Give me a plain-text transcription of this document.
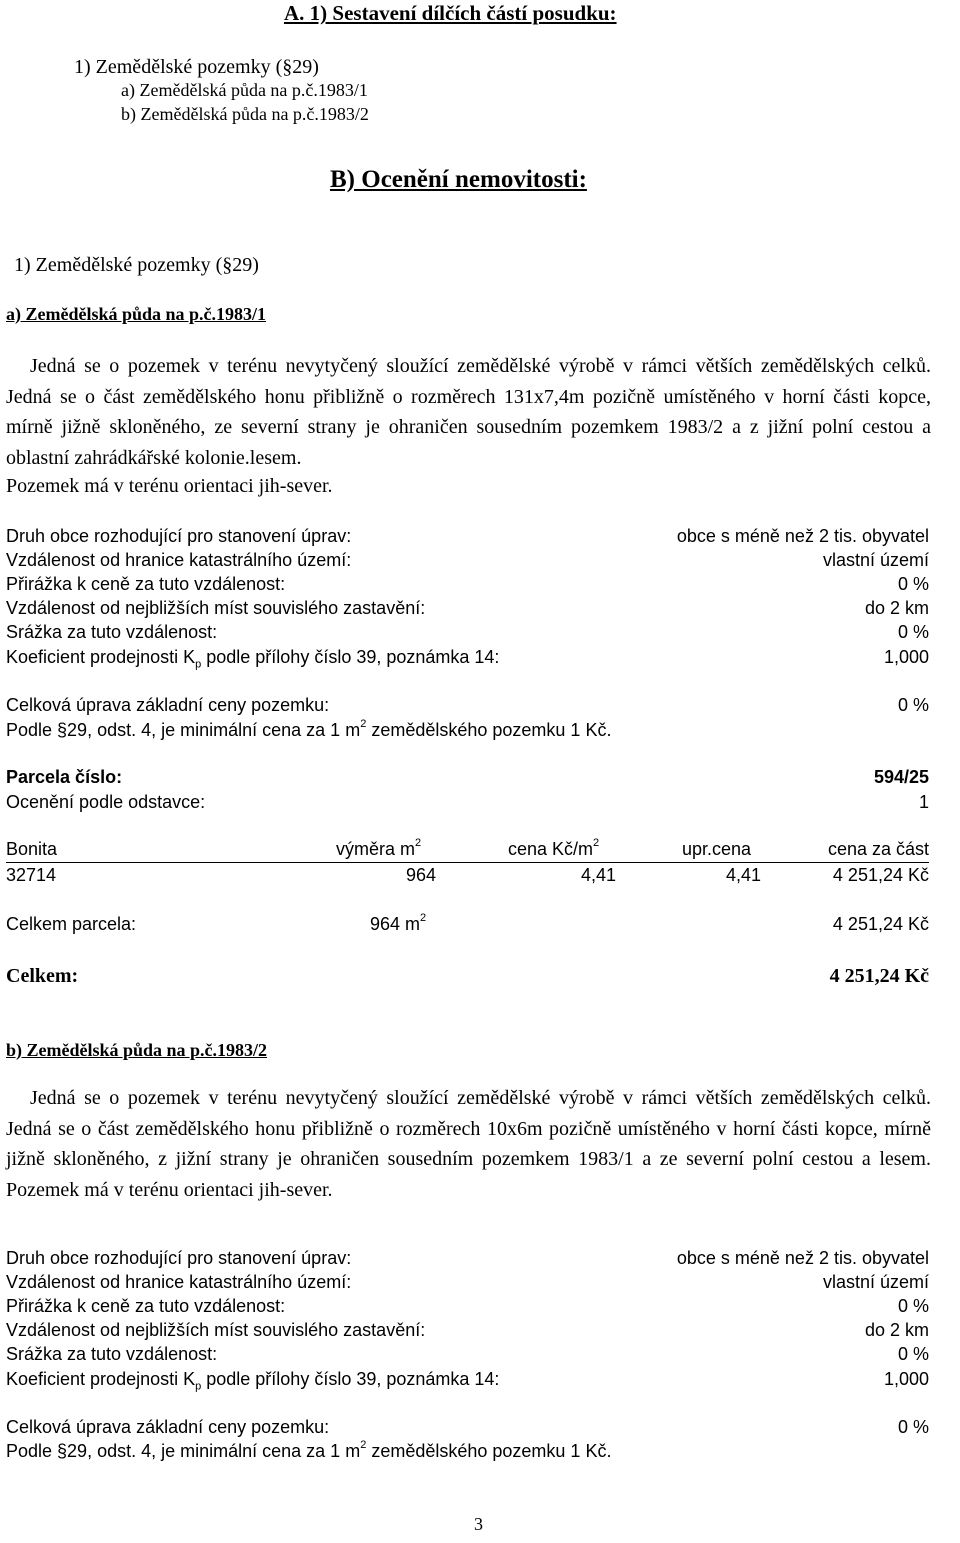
A. 1) Sestavení dílčích částí posudku:
1) Zemědělské pozemky (§29)
a) Zemědělská půda na p.č.1983/1
b) Zemědělská půda na p.č.1983/2
B) Ocenění nemovitosti:
1) Zemědělské pozemky (§29)
a) Zemědělská půda na p.č.1983/1
Jedná se o pozemek v terénu nevytyčený sloužící zemědělské výrobě v rámci větších zemědělských celků. Jedná se o část zemědělského honu přibližně o rozměrech 131x7,4m pozičně umístěného v horní části kopce, mírně jižně skloněného, ze severní strany je ohraničen sousedním pozemkem 1983/2 a z jižní polní cestou a oblastní zahrádkářské kolonie.lesem.
Pozemek má v terénu orientaci jih-sever.
Druh obce rozhodující pro stanovení úprav:	obce s méně než 2 tis. obyvatel
Vzdálenost od hranice katastrálního území:	vlastní území
Přirážka k ceně za tuto vzdálenost:	0 %
Vzdálenost od nejbližších míst souvislého zastavění:	do 2 km
Srážka za tuto vzdálenost:	0 %
Koeficient prodejnosti $K_p$ podle přílohy číslo 39, poznámka 14:	1,000
Celková úprava základní ceny pozemku:	0 %
Podle §29, odst. 4, je minimální cena za 1 $m^2$ zemědělského pozemku 1 Kč.
Parcela číslo:	594/25
Ocenění podle odstavce:	1
Bonita	výměra $m^2$	cena $Kč/m^2$	upr.cena	cena za část
32714	964	4,41	4,41	4 251,24 Kč
Celkem parcela:	964 $m^2$	4 251,24 Kč
Celkem:	4 251,24 Kč
b) Zemědělská půda na p.č.1983/2
Jedná se o pozemek v terénu nevytyčený sloužící zemědělské výrobě v rámci větších zemědělských celků. Jedná se o část zemědělského honu přibližně o rozměrech 10x6m pozičně umístěného v horní části kopce, mírně jižně skloněného, z jižní strany je ohraničen sousedním pozemkem 1983/1 a ze severní polní cestou a lesem. Pozemek má v terénu orientaci jih-sever.
Druh obce rozhodující pro stanovení úprav:	obce s méně než 2 tis. obyvatel
Vzdálenost od hranice katastrálního území:	vlastní území
Přirážka k ceně za tuto vzdálenost:	0 %
Vzdálenost od nejbližších míst souvislého zastavění:	do 2 km
Srážka za tuto vzdálenost:	0 %
Koeficient prodejnosti $K_p$ podle přílohy číslo 39, poznámka 14:	1,000
Celková úprava základní ceny pozemku:	0 %
Podle §29, odst. 4, je minimální cena za 1 $m^2$ zemědělského pozemku 1 Kč.
3
